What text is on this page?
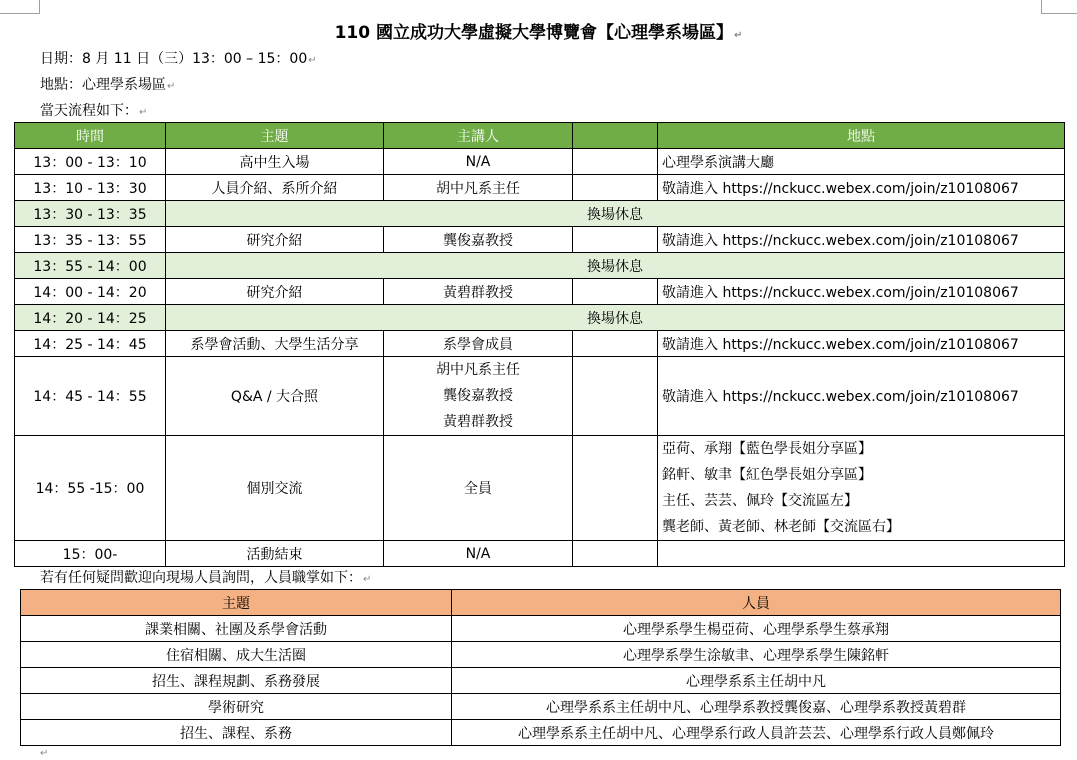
110 國立成功大學虛擬大學博覽會【心理學系場區】↵
日期：8 月 11 日（三）13：00 – 15：00↵
地點：心理學系場區↵
當天流程如下：↵
時間	主題	主講人		地點
13：00 - 13：10	高中生入場	N/A		心理學系演講大廳
13：10 - 13：30	人員介紹、系所介紹	胡中凡系主任		敬請進入 https://nckucc.webex.com/join/z10108067
13：30 - 13：35	換場休息			
13：35 - 13：55	研究介紹	龔俊嘉教授		敬請進入 https://nckucc.webex.com/join/z10108067
13：55 - 14：00	換場休息			
14：00 - 14：20	研究介紹	黃碧群教授		敬請進入 https://nckucc.webex.com/join/z10108067
14：20 - 14：25	換場休息			
14：25 - 14：45	系學會活動、大學生活分享	系學會成員		敬請進入 https://nckucc.webex.com/join/z10108067
14：45 - 14：55	Q&A / 大合照	胡中凡系主任
龔俊嘉教授
黃碧群教授		敬請進入 https://nckucc.webex.com/join/z10108067
14：55 -15：00	個別交流	全員		亞荷、承翔【藍色學長姐分享區】
銘軒、敏聿【紅色學長姐分享區】
主任、芸芸、佩玲【交流區左】
龔老師、黃老師、林老師【交流區右】

15：00-	活動結束	N/A		
若有任何疑問歡迎向現場人員詢問，人員職掌如下：↵
主題	人員
課業相關、社團及系學會活動	心理學系學生楊亞荷、心理學系學生蔡承翔
住宿相關、成大生活圈	心理學系學生涂敏聿、心理學系學生陳銘軒
招生、課程規劃、系務發展	心理學系系主任胡中凡
學術研究	心理學系系主任胡中凡、心理學系教授龔俊嘉、心理學系教授黃碧群
招生、課程、系務	心理學系系主任胡中凡、心理學系行政人員許芸芸、心理學系行政人員鄭佩玲
↵
